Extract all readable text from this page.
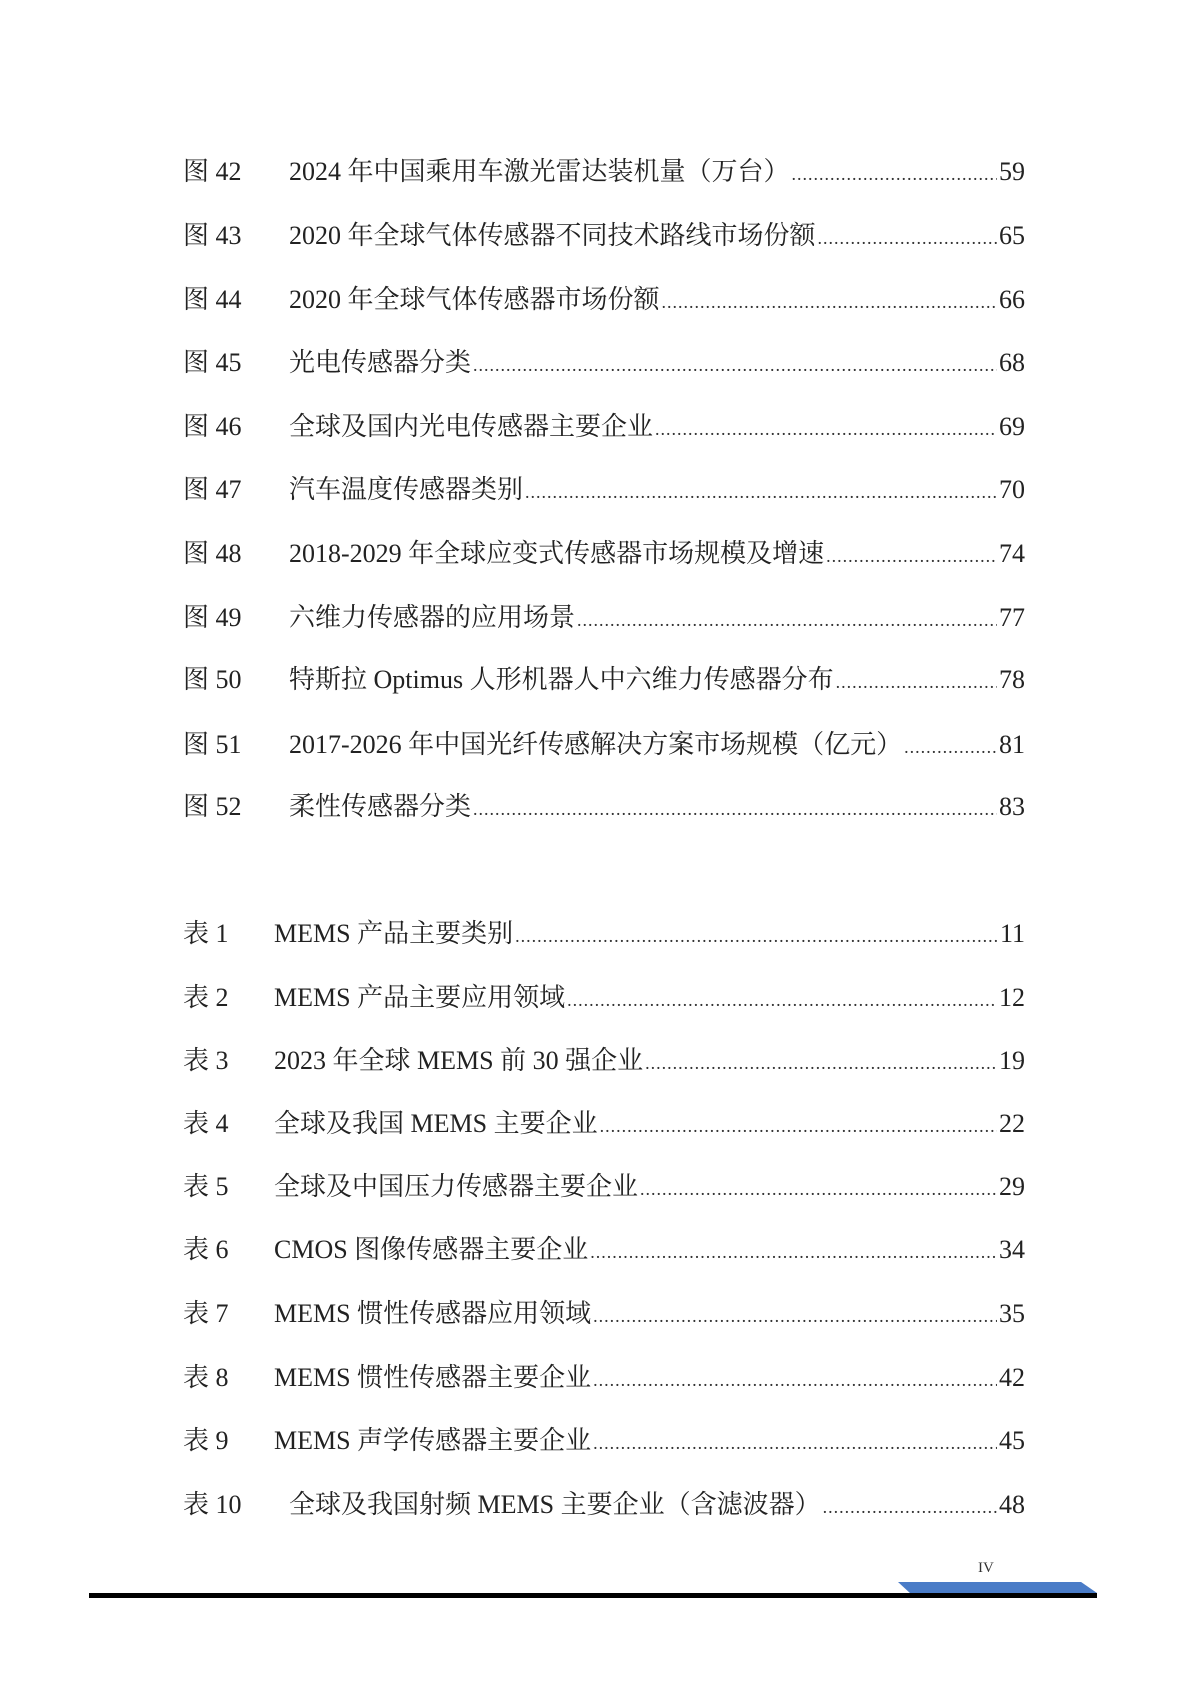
图 42	2024 年中国乘用车激光雷达装机量（万台） .....	59
图 43	2020 年全球气体传感器不同技术路线市场份额 .....	65
图 44	2020 年全球气体传感器市场份额 .....	66
图 45	光电传感器分类 .....	68
图 46	全球及国内光电传感器主要企业 .....	69
图 47	汽车温度传感器类别 .....	70
图 48	2018-2029 年全球应变式传感器市场规模及增速 .....	74
图 49	六维力传感器的应用场景 .....	77
图 50	特斯拉 Optimus 人形机器人中六维力传感器分布 .....	78
图 51	2017-2026 年中国光纤传感解决方案市场规模（亿元） .....	81
图 52	柔性传感器分类 .....	83
表 1	MEMS 产品主要类别 .....	11
表 2	MEMS 产品主要应用领域 .....	12
表 3	2023 年全球 MEMS 前 30 强企业 .....	19
表 4	全球及我国 MEMS 主要企业 .....	22
表 5	全球及中国压力传感器主要企业 .....	29
表 6	CMOS 图像传感器主要企业 .....	34
表 7	MEMS 惯性传感器应用领域 .....	35
表 8	MEMS 惯性传感器主要企业 .....	42
表 9	MEMS 声学传感器主要企业 .....	45
表 10	全球及我国射频 MEMS 主要企业（含滤波器） .....	48
IV
